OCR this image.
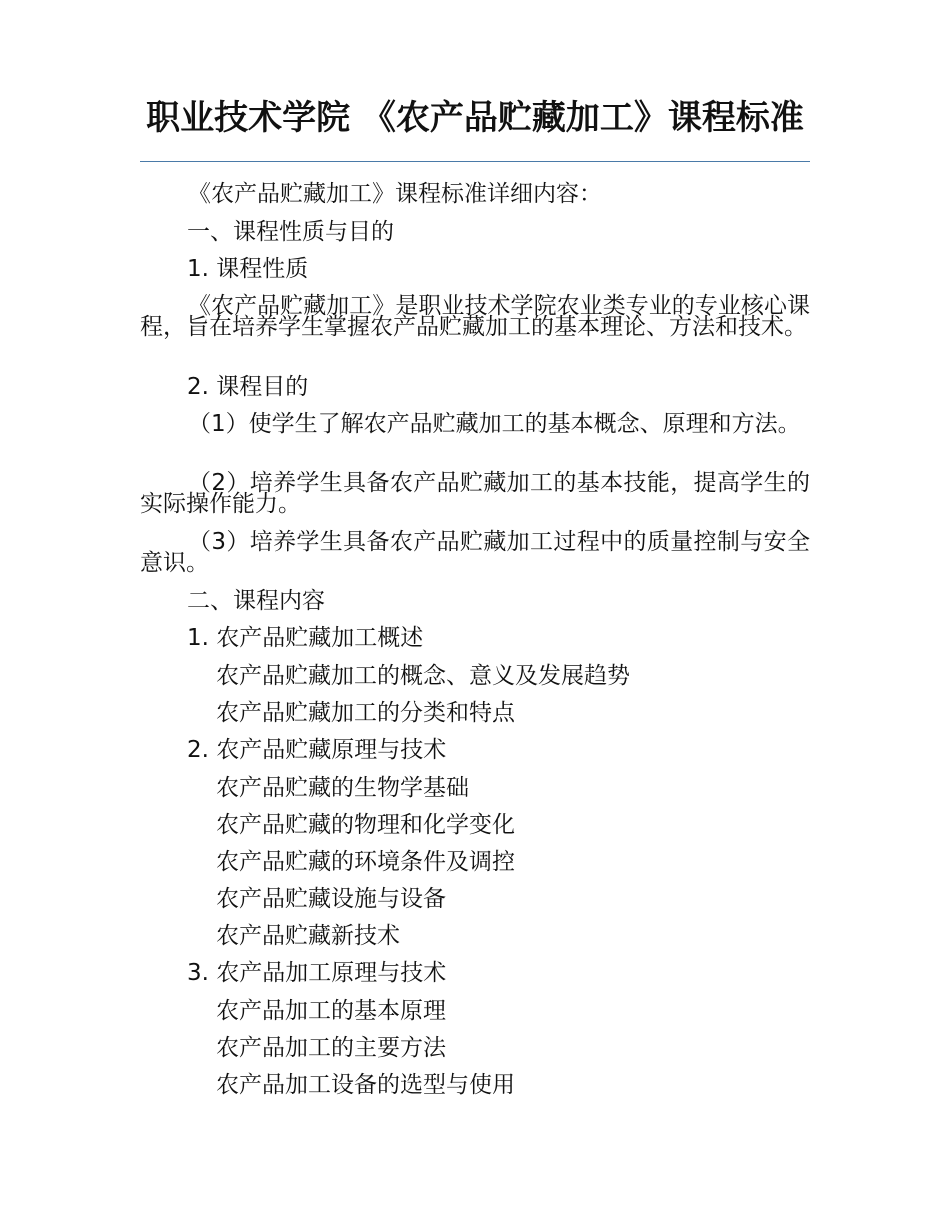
职业技术学院 《农产品贮藏加工》课程标准
《农产品贮藏加工》课程标准详细内容：
一、课程性质与目的
1. 课程性质
《农产品贮藏加工》是职业技术学院农业类专业的专业核心课程，旨在培养学生掌握农产品贮藏加工的基本理论、方法和技术。
2. 课程目的
（1）使学生了解农产品贮藏加工的基本概念、原理和方法。
（2）培养学生具备农产品贮藏加工的基本技能，提高学生的实际操作能力。
（3）培养学生具备农产品贮藏加工过程中的质量控制与安全意识。
二、课程内容
1. 农产品贮藏加工概述
农产品贮藏加工的概念、意义及发展趋势
农产品贮藏加工的分类和特点
2. 农产品贮藏原理与技术
农产品贮藏的生物学基础
农产品贮藏的物理和化学变化
农产品贮藏的环境条件及调控
农产品贮藏设施与设备
农产品贮藏新技术
3. 农产品加工原理与技术
农产品加工的基本原理
农产品加工的主要方法
农产品加工设备的选型与使用
